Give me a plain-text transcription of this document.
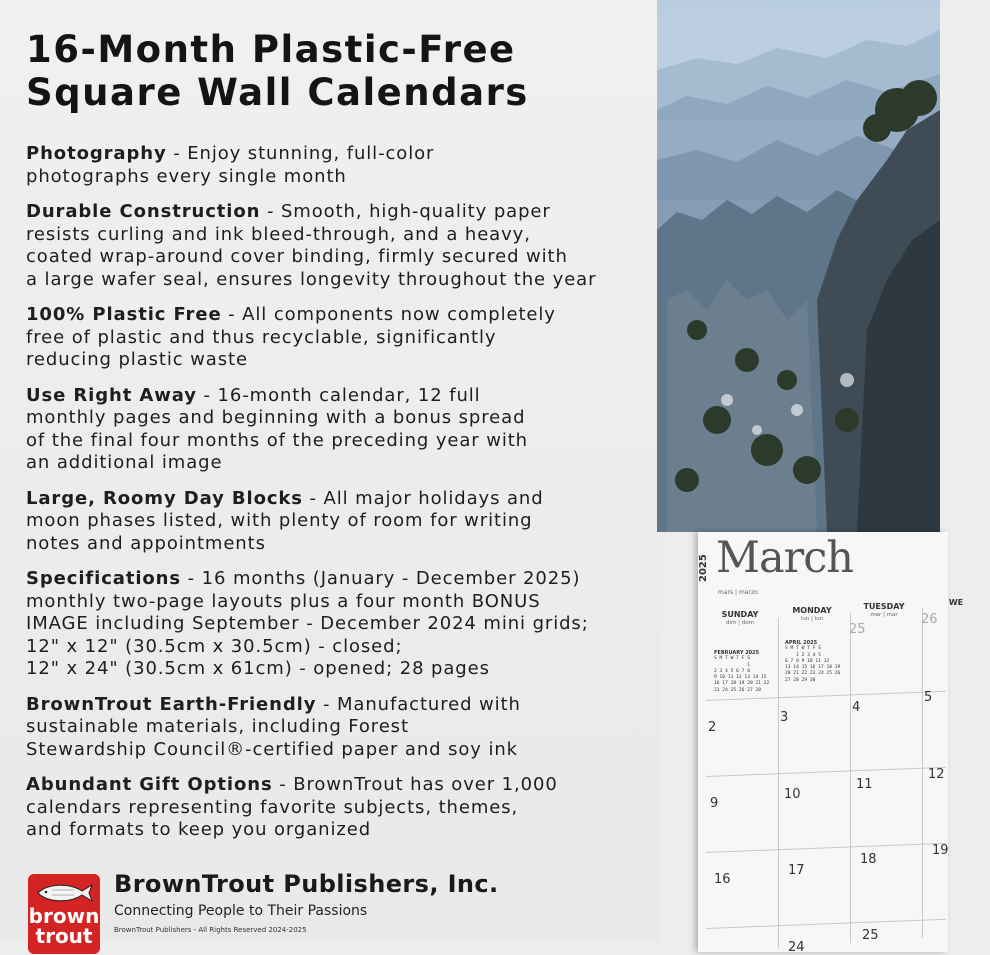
16-Month Plastic-Free
Square Wall Calendars
Photography - Enjoy stunning, full-color
photographs every single month
Durable Construction - Smooth, high-quality paper
resists curling and ink bleed-through, and a heavy,
coated wrap-around cover binding, firmly secured with
a large wafer seal, ensures longevity throughout the year
100% Plastic Free - All components now completely
free of plastic and thus recyclable, significantly
reducing plastic waste
Use Right Away - 16-month calendar, 12 full
monthly pages and beginning with a bonus spread
of the final four months of the preceding year with
an additional image
Large, Roomy Day Blocks - All major holidays and
moon phases listed, with plenty of room for writing
notes and appointments
Specifications - 16 months (January - December 2025)
monthly two-page layouts plus a four month BONUS
IMAGE including September - December 2024 mini grids;
12" x 12" (30.5cm x 30.5cm) - closed;
12" x 24" (30.5cm x 61cm) - opened; 28 pages
BrownTrout Earth-Friendly - Manufactured with
sustainable materials, including Forest
Stewardship Council®-certified paper and soy ink
Abundant Gift Options - BrownTrout has over 1,000
calendars representing favorite subjects, themes,
and formats to keep you organized
brown
trout
BrownTrout Publishers, Inc.
Connecting People to Their Passions
BrownTrout Publishers - All Rights Reserved 2024-2025
2025 March
mars | marzo
SUNDAY
dim | dom
MONDAY
lun | lun
TUESDAY
mar | mar
WE
25
26
2
3
4
5
9
10
11
12
16
17
18
19
24
25
FEBRUARY 2025
S M T W T F S
1
2 3 4 5 6 7 8
9 10 11 12 13 14 15
16 17 18 19 20 21 22
23 24 25 26 27 28
APRIL 2025
S M T W T F S
1 2 3 4 5
6 7 8 9 10 11 12
13 14 15 16 17 18 19
20 21 22 23 24 25 26
27 28 29 30
